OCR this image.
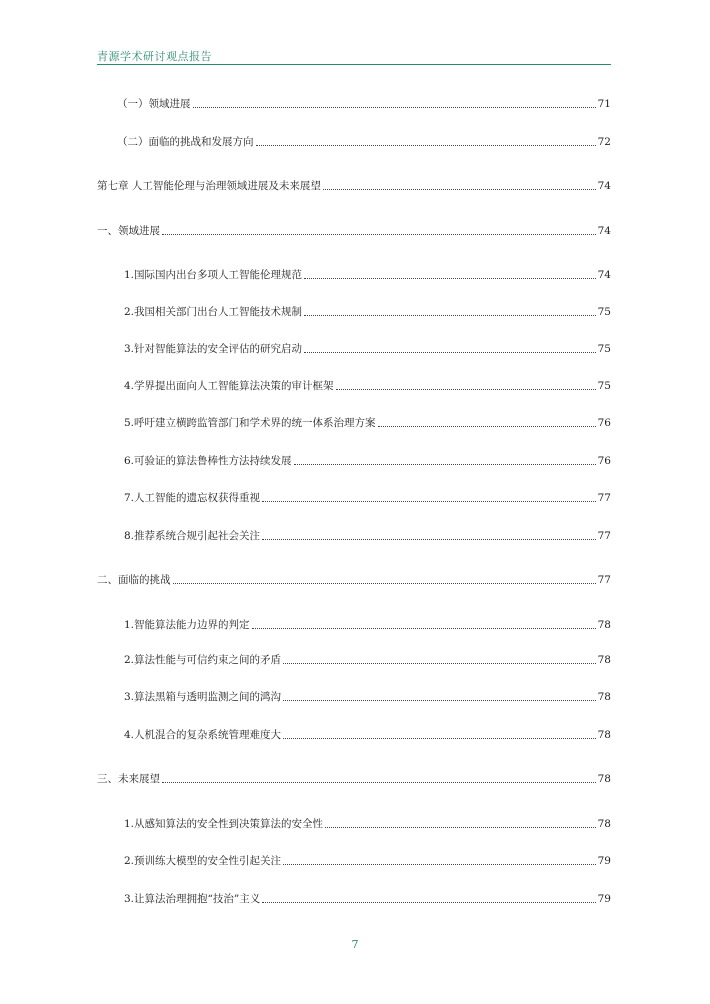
青源学术研讨观点报告
（一）领域进展	71
（二）面临的挑战和发展方向	72
第七章 人工智能伦理与治理领域进展及未来展望	74
一、领域进展	74
1.国际国内出台多项人工智能伦理规范	74
2.我国相关部门出台人工智能技术规制	75
3.针对智能算法的安全评估的研究启动	75
4.学界提出面向人工智能算法决策的审计框架	75
5.呼吁建立横跨监管部门和学术界的统一体系治理方案	76
6.可验证的算法鲁棒性方法持续发展	76
7.人工智能的遗忘权获得重视	77
8.推荐系统合规引起社会关注	77
二、面临的挑战	77
1.智能算法能力边界的判定	78
2.算法性能与可信约束之间的矛盾	78
3.算法黑箱与透明监测之间的鸿沟	78
4.人机混合的复杂系统管理难度大	78
三、未来展望	78
1.从感知算法的安全性到决策算法的安全性	78
2.预训练大模型的安全性引起关注	79
3.让算法治理拥抱“技治”主义	79
7
